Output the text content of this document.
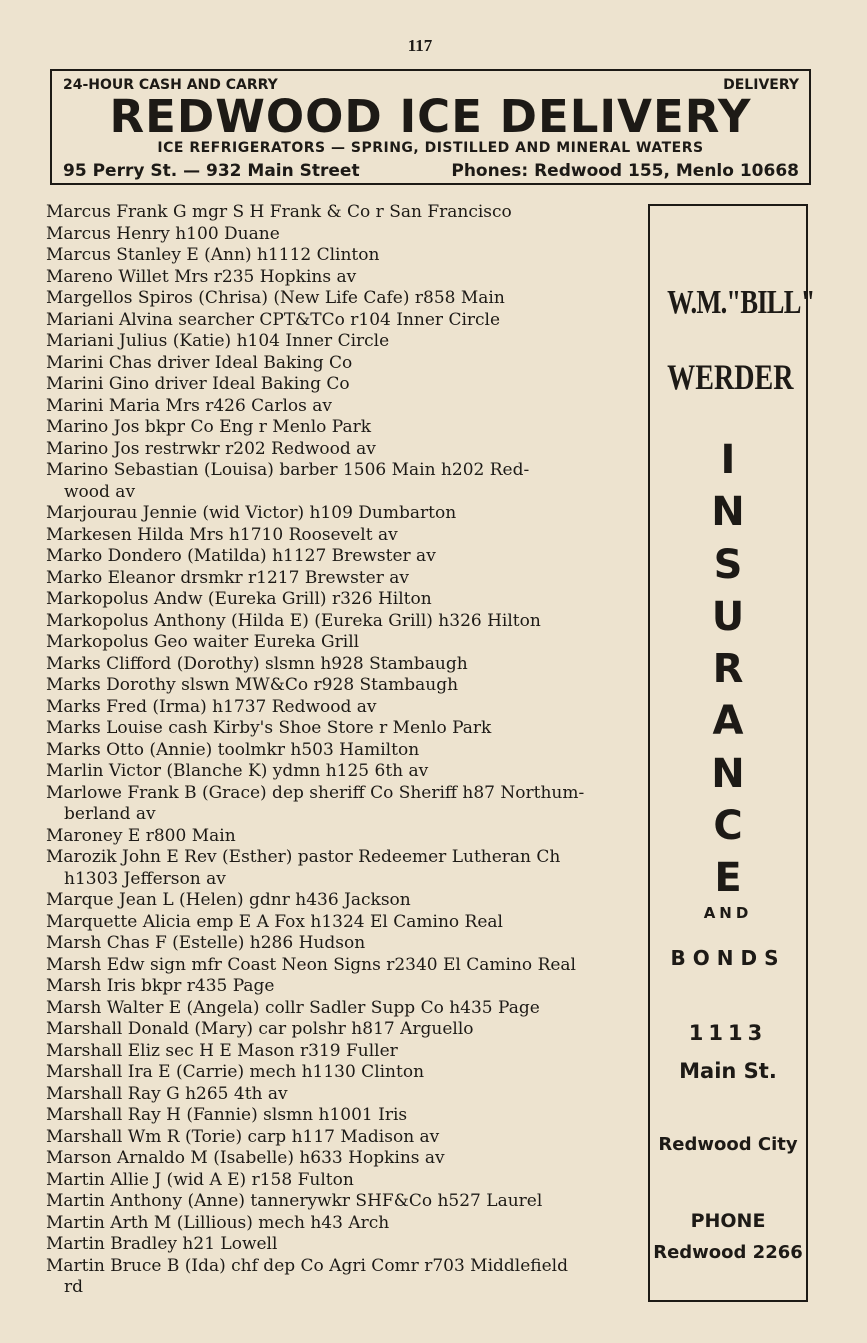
117
24-HOUR CASH AND CARRY	DELIVERY
REDWOOD ICE DELIVERY
ICE REFRIGERATORS — SPRING, DISTILLED AND MINERAL WATERS
95 Perry St. — 932 Main Street	Phones: Redwood 155, Menlo 10668
Marcus Frank G mgr S H Frank & Co r San Francisco
Marcus Henry h100 Duane
Marcus Stanley E (Ann) h1112 Clinton
Mareno Willet Mrs r235 Hopkins av
Margellos Spiros (Chrisa) (New Life Cafe) r858 Main
Mariani Alvina searcher CPT&TCo r104 Inner Circle
Mariani Julius (Katie) h104 Inner Circle
Marini Chas driver Ideal Baking Co
Marini Gino driver Ideal Baking Co
Marini Maria Mrs r426 Carlos av
Marino Jos bkpr Co Eng r Menlo Park
Marino Jos restrwkr r202 Redwood av
Marino Sebastian (Louisa) barber 1506 Main h202 Red-
wood av
Marjourau Jennie (wid Victor) h109 Dumbarton
Markesen Hilda Mrs h1710 Roosevelt av
Marko Dondero (Matilda) h1127 Brewster av
Marko Eleanor drsmkr r1217 Brewster av
Markopolus Andw (Eureka Grill) r326 Hilton
Markopolus Anthony (Hilda E) (Eureka Grill) h326 Hilton
Markopolus Geo waiter Eureka Grill
Marks Clifford (Dorothy) slsmn h928 Stambaugh
Marks Dorothy slswn MW&Co r928 Stambaugh
Marks Fred (Irma) h1737 Redwood av
Marks Louise cash Kirby's Shoe Store r Menlo Park
Marks Otto (Annie) toolmkr h503 Hamilton
Marlin Victor (Blanche K) ydmn h125 6th av
Marlowe Frank B (Grace) dep sheriff Co Sheriff h87 Northum-
berland av
Maroney E r800 Main
Marozik John E Rev (Esther) pastor Redeemer Lutheran Ch
h1303 Jefferson av
Marque Jean L (Helen) gdnr h436 Jackson
Marquette Alicia emp E A Fox h1324 El Camino Real
Marsh Chas F (Estelle) h286 Hudson
Marsh Edw sign mfr Coast Neon Signs r2340 El Camino Real
Marsh Iris bkpr r435 Page
Marsh Walter E (Angela) collr Sadler Supp Co h435 Page
Marshall Donald (Mary) car polshr h817 Arguello
Marshall Eliz sec H E Mason r319 Fuller
Marshall Ira E (Carrie) mech h1130 Clinton
Marshall Ray G h265 4th av
Marshall Ray H (Fannie) slsmn h1001 Iris
Marshall Wm R (Torie) carp h117 Madison av
Marson Arnaldo M (Isabelle) h633 Hopkins av
Martin Allie J (wid A E) r158 Fulton
Martin Anthony (Anne) tannerywkr SHF&Co h527 Laurel
Martin Arth M (Lillious) mech h43 Arch
Martin Bradley h21 Lowell
Martin Bruce B (Ida) chf dep Co Agri Comr r703 Middlefield
rd
W.M."BILL"
WERDER
I
N
S
U
R
A
N
C
E
AND
BONDS
1113
Main St.
Redwood City
PHONE
Redwood 2266
